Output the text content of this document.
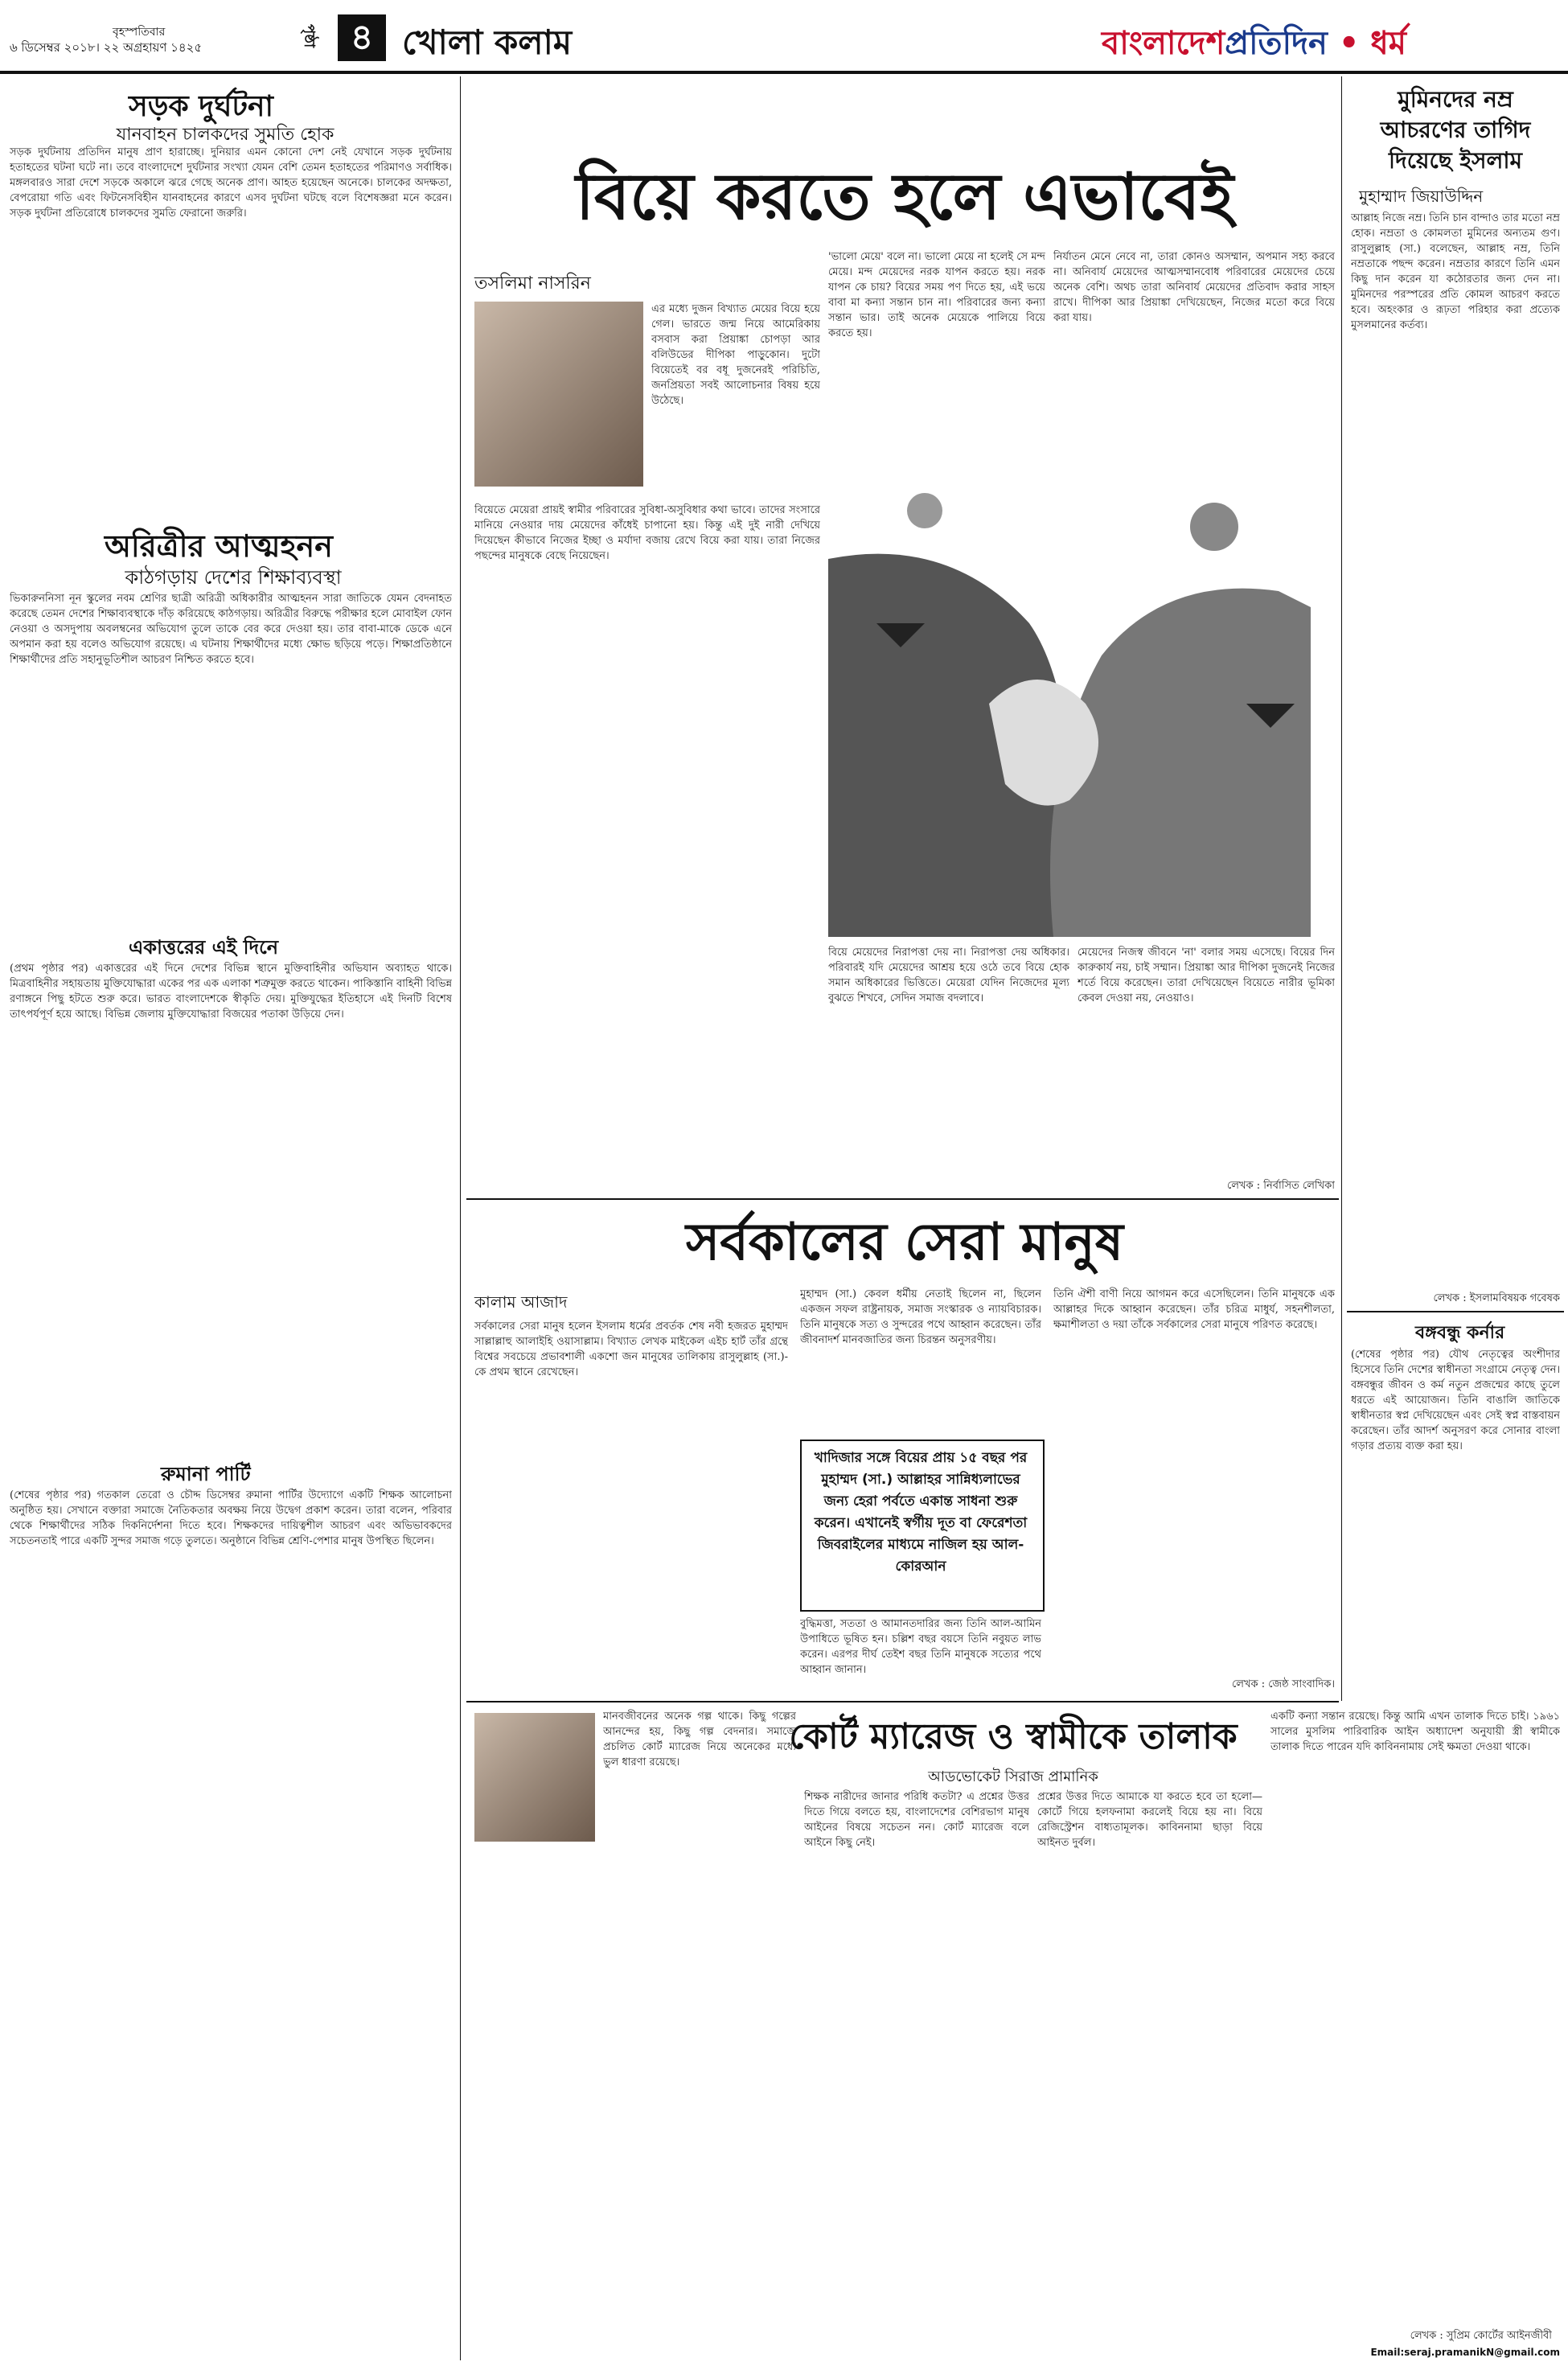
বৃহস্পতিবার
৬ ডিসেম্বর ২০১৮। ২২ অগ্রহায়ণ ১৪২৫	পৃষ্ঠা ৪ খোলা কলাম	বাংলাদেশপ্রতিদিন • ধর্ম
সড়ক দুর্ঘটনা
যানবাহন চালকদের সুমতি হোক
সড়ক দুর্ঘটনায় প্রতিদিন মানুষ প্রাণ হারাচ্ছে। দুনিয়ার এমন কোনো দেশ নেই যেখানে সড়ক দুর্ঘটনায় হতাহতের ঘটনা ঘটে না। তবে বাংলাদেশে দুর্ঘটনার সংখ্যা যেমন বেশি তেমন হতাহতের পরিমাণও সর্বাধিক। মঙ্গলবারও সারা দেশে সড়কে অকালে ঝরে গেছে অনেক প্রাণ। আহত হয়েছেন অনেকে। চালকের অদক্ষতা, বেপরোয়া গতি এবং ফিটনেসবিহীন যানবাহনের কারণে এসব দুর্ঘটনা ঘটছে বলে বিশেষজ্ঞরা মনে করেন। সড়ক দুর্ঘটনা প্রতিরোধে চালকদের সুমতি ফেরানো জরুরি।
অরিত্রীর আত্মহনন
কাঠগড়ায় দেশের শিক্ষাব্যবস্থা
ভিকারুননিসা নূন স্কুলের নবম শ্রেণির ছাত্রী অরিত্রী অধিকারীর আত্মহনন সারা জাতিকে যেমন বেদনাহত করেছে তেমন দেশের শিক্ষাব্যবস্থাকে দাঁড় করিয়েছে কাঠগড়ায়। অরিত্রীর বিরুদ্ধে পরীক্ষার হলে মোবাইল ফোন নেওয়া ও অসদুপায় অবলম্বনের অভিযোগ তুলে তাকে বের করে দেওয়া হয়। তার বাবা-মাকে ডেকে এনে অপমান করা হয় বলেও অভিযোগ রয়েছে। এ ঘটনায় শিক্ষার্থীদের মধ্যে ক্ষোভ ছড়িয়ে পড়ে। শিক্ষাপ্রতিষ্ঠানে শিক্ষার্থীদের প্রতি সহানুভূতিশীল আচরণ নিশ্চিত করতে হবে।
একাত্তরের এই দিনে
(প্রথম পৃষ্ঠার পর) একাত্তরের এই দিনে দেশের বিভিন্ন স্থানে মুক্তিবাহিনীর অভিযান অব্যাহত থাকে। মিত্রবাহিনীর সহায়তায় মুক্তিযোদ্ধারা একের পর এক এলাকা শত্রুমুক্ত করতে থাকেন। পাকিস্তানি বাহিনী বিভিন্ন রণাঙ্গনে পিছু হটতে শুরু করে। ভারত বাংলাদেশকে স্বীকৃতি দেয়। মুক্তিযুদ্ধের ইতিহাসে এই দিনটি বিশেষ তাৎপর্যপূর্ণ হয়ে আছে। বিভিন্ন জেলায় মুক্তিযোদ্ধারা বিজয়ের পতাকা উড়িয়ে দেন।
রুমানা পার্টি
(শেষের পৃষ্ঠার পর) গতকাল তেরো ও চৌদ্দ ডিসেম্বর রুমানা পার্টির উদ্যোগে একটি শিক্ষক আলোচনা অনুষ্ঠিত হয়। সেখানে বক্তারা সমাজে নৈতিকতার অবক্ষয় নিয়ে উদ্বেগ প্রকাশ করেন। তারা বলেন, পরিবার থেকে শিক্ষার্থীদের সঠিক দিকনির্দেশনা দিতে হবে। শিক্ষকদের দায়িত্বশীল আচরণ এবং অভিভাবকদের সচেতনতাই পারে একটি সুন্দর সমাজ গড়ে তুলতে। অনুষ্ঠানে বিভিন্ন শ্রেণি-পেশার মানুষ উপস্থিত ছিলেন।
বিয়ে করতে হলে এভাবেই
তসলিমা নাসরিন
এর মধ্যে দুজন বিখ্যাত মেয়ের বিয়ে হয়ে গেল। ভারতে জন্ম নিয়ে আমেরিকায় বসবাস করা প্রিয়াঙ্কা চোপড়া আর বলিউডের দীপিকা পাড়ুকোন। দুটো বিয়েতেই বর বধূ দুজনেরই পরিচিতি, জনপ্রিয়তা সবই আলোচনার বিষয় হয়ে উঠেছে।
বিয়েতে মেয়েরা প্রায়ই স্বামীর পরিবারের সুবিধা-অসুবিধার কথা ভাবে। তাদের সংসারে মানিয়ে নেওয়ার দায় মেয়েদের কাঁধেই চাপানো হয়। কিন্তু এই দুই নারী দেখিয়ে দিয়েছেন কীভাবে নিজের ইচ্ছা ও মর্যাদা বজায় রেখে বিয়ে করা যায়। তারা নিজের পছন্দের মানুষকে বেছে নিয়েছেন।
'ভালো মেয়ে' বলে না। ভালো মেয়ে না হলেই সে মন্দ মেয়ে। মন্দ মেয়েদের নরক যাপন করতে হয়। নরক যাপন কে চায়? বিয়ের সময় পণ দিতে হয়, এই ভয়ে বাবা মা কন্যা সন্তান চান না। পরিবারের জন্য কন্যা সন্তান ভার। তাই অনেক মেয়েকে পালিয়ে বিয়ে করতে হয়।
নির্যাতন মেনে নেবে না, তারা কোনও অসম্মান, অপমান সহ্য করবে না। অনিবার্য মেয়েদের আত্মসম্মানবোধ পরিবারের মেয়েদের চেয়ে অনেক বেশি। অথচ তারা অনিবার্য মেয়েদের প্রতিবাদ করার সাহস রাখে। দীপিকা আর প্রিয়াঙ্কা দেখিয়েছেন, নিজের মতো করে বিয়ে করা যায়।
বিয়ে মেয়েদের নিরাপত্তা দেয় না। নিরাপত্তা দেয় অধিকার। পরিবারই যদি মেয়েদের আশ্রয় হয়ে ওঠে তবে বিয়ে হোক সমান অধিকারের ভিত্তিতে। মেয়েরা যেদিন নিজেদের মূল্য বুঝতে শিখবে, সেদিন সমাজ বদলাবে।
মেয়েদের নিজস্ব জীবনে 'না' বলার সময় এসেছে। বিয়ের দিন কারুকার্য নয়, চাই সম্মান। প্রিয়াঙ্কা আর দীপিকা দুজনেই নিজের শর্তে বিয়ে করেছেন। তারা দেখিয়েছেন বিয়েতে নারীর ভূমিকা কেবল দেওয়া নয়, নেওয়াও।
লেখক : নির্বাসিত লেখিকা
সর্বকালের সেরা মানুষ
কালাম আজাদ
সর্বকালের সেরা মানুষ হলেন ইসলাম ধর্মের প্রবর্তক শেষ নবী হজরত মুহাম্মদ সাল্লাল্লাহু আলাইহি ওয়াসাল্লাম। বিখ্যাত লেখক মাইকেল এইচ হার্ট তাঁর গ্রন্থে বিশ্বের সবচেয়ে প্রভাবশালী একশো জন মানুষের তালিকায় রাসুলুল্লাহ (সা.)-কে প্রথম স্থানে রেখেছেন।
মুহাম্মদ (সা.) কেবল ধর্মীয় নেতাই ছিলেন না, ছিলেন একজন সফল রাষ্ট্রনায়ক, সমাজ সংস্কারক ও ন্যায়বিচারক। তিনি মানুষকে সত্য ও সুন্দরের পথে আহ্বান করেছেন। তাঁর জীবনাদর্শ মানবজাতির জন্য চিরন্তন অনুসরণীয়।
তিনি ঐশী বাণী নিয়ে আগমন করে এসেছিলেন। তিনি মানুষকে এক আল্লাহর দিকে আহ্বান করেছেন। তাঁর চরিত্র মাধুর্য, সহনশীলতা, ক্ষমাশীলতা ও দয়া তাঁকে সর্বকালের সেরা মানুষে পরিণত করেছে।
খাদিজার সঙ্গে বিয়ের প্রায় ১৫ বছর পর মুহাম্মদ (সা.) আল্লাহর সান্নিধ্যলাভের জন্য হেরা পর্বতে একান্ত সাধনা শুরু করেন। এখানেই স্বর্গীয় দূত বা ফেরেশতা জিবরাইলের মাধ্যমে নাজিল হয় আল-কোরআন
বুদ্ধিমত্তা, সততা ও আমানতদারির জন্য তিনি আল-আমিন উপাধিতে ভূষিত হন। চল্লিশ বছর বয়সে তিনি নবুয়ত লাভ করেন। এরপর দীর্ঘ তেইশ বছর তিনি মানুষকে সত্যের পথে আহ্বান জানান।
লেখক : জেষ্ঠ সাংবাদিক।
মানবজীবনের অনেক গল্প থাকে। কিছু গল্পের আনন্দের হয়, কিছু গল্প বেদনার। সমাজে প্রচলিত কোর্ট ম্যারেজ নিয়ে অনেকের মধ্যে ভুল ধারণা রয়েছে।
কোর্ট ম্যারেজ ও স্বামীকে তালাক
আডভোকেট সিরাজ প্রামানিক
শিক্ষক নারীদের জানার পরিধি কতটা? এ প্রশ্নের উত্তর দিতে গিয়ে বলতে হয়, বাংলাদেশের বেশিরভাগ মানুষ আইনের বিষয়ে সচেতন নন। কোর্ট ম্যারেজ বলে আইনে কিছু নেই।
প্রশ্নের উত্তর দিতে আমাকে যা করতে হবে তা হলো— কোর্টে গিয়ে হলফনামা করলেই বিয়ে হয় না। বিয়ে রেজিস্ট্রেশন বাধ্যতামূলক। কাবিননামা ছাড়া বিয়ে আইনত দুর্বল।
একটি কন্যা সন্তান রয়েছে। কিন্তু আমি এখন তালাক দিতে চাই। ১৯৬১ সালের মুসলিম পারিবারিক আইন অধ্যাদেশ অনুযায়ী স্ত্রী স্বামীকে তালাক দিতে পারেন যদি কাবিননামায় সেই ক্ষমতা দেওয়া থাকে।
লেখক : সুপ্রিম কোর্টের আইনজীবী
Email:seraj.pramanikN@gmail.com
মুমিনদের নম্র আচরণের তাগিদ দিয়েছে ইসলাম
মুহাম্মাদ জিয়াউদ্দিন
আল্লাহ নিজে নম্র। তিনি চান বান্দাও তার মতো নম্র হোক। নম্রতা ও কোমলতা মুমিনের অন্যতম গুণ। রাসুলুল্লাহ (সা.) বলেছেন, আল্লাহ নম্র, তিনি নম্রতাকে পছন্দ করেন। নম্রতার কারণে তিনি এমন কিছু দান করেন যা কঠোরতার জন্য দেন না। মুমিনদের পরস্পরের প্রতি কোমল আচরণ করতে হবে। অহংকার ও রূঢ়তা পরিহার করা প্রত্যেক মুসলমানের কর্তব্য।
লেখক : ইসলামবিষয়ক গবেষক
বঙ্গবন্ধু কর্নার
(শেষের পৃষ্ঠার পর) যৌথ নেতৃত্বের অংশীদার হিসেবে তিনি দেশের স্বাধীনতা সংগ্রামে নেতৃত্ব দেন। বঙ্গবন্ধুর জীবন ও কর্ম নতুন প্রজন্মের কাছে তুলে ধরতে এই আয়োজন। তিনি বাঙালি জাতিকে স্বাধীনতার স্বপ্ন দেখিয়েছেন এবং সেই স্বপ্ন বাস্তবায়ন করেছেন। তাঁর আদর্শ অনুসরণ করে সোনার বাংলা গড়ার প্রত্যয় ব্যক্ত করা হয়।
